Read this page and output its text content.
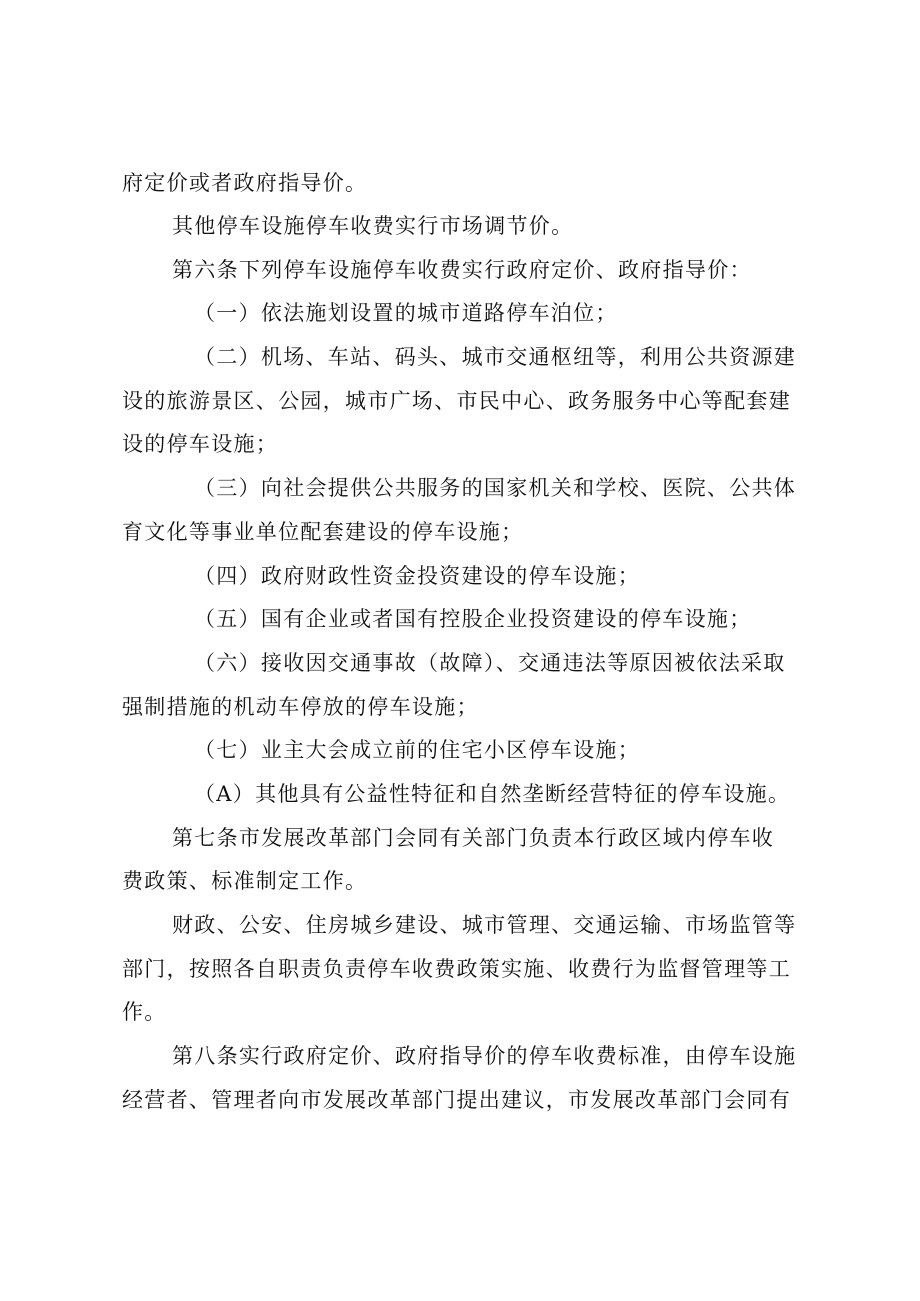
府定价或者政府指导价。
其他停车设施停车收费实行市场调节价。
第六条下列停车设施停车收费实行政府定价、政府指导价：
（一）依法施划设置的城市道路停车泊位；
（二）机场、车站、码头、城市交通枢纽等，利用公共资源建
设的旅游景区、公园，城市广场、市民中心、政务服务中心等配套建
设的停车设施；
（三）向社会提供公共服务的国家机关和学校、医院、公共体
育文化等事业单位配套建设的停车设施；
（四）政府财政性资金投资建设的停车设施；
（五）国有企业或者国有控股企业投资建设的停车设施；
（六）接收因交通事故（故障）、交通违法等原因被依法采取
强制措施的机动车停放的停车设施；
（七）业主大会成立前的住宅小区停车设施；
（A）其他具有公益性特征和自然垄断经营特征的停车设施。
第七条市发展改革部门会同有关部门负责本行政区域内停车收
费政策、标准制定工作。
财政、公安、住房城乡建设、城市管理、交通运输、市场监管等
部门，按照各自职责负责停车收费政策实施、收费行为监督管理等工
作。
第八条实行政府定价、政府指导价的停车收费标准，由停车设施
经营者、管理者向市发展改革部门提出建议，市发展改革部门会同有
